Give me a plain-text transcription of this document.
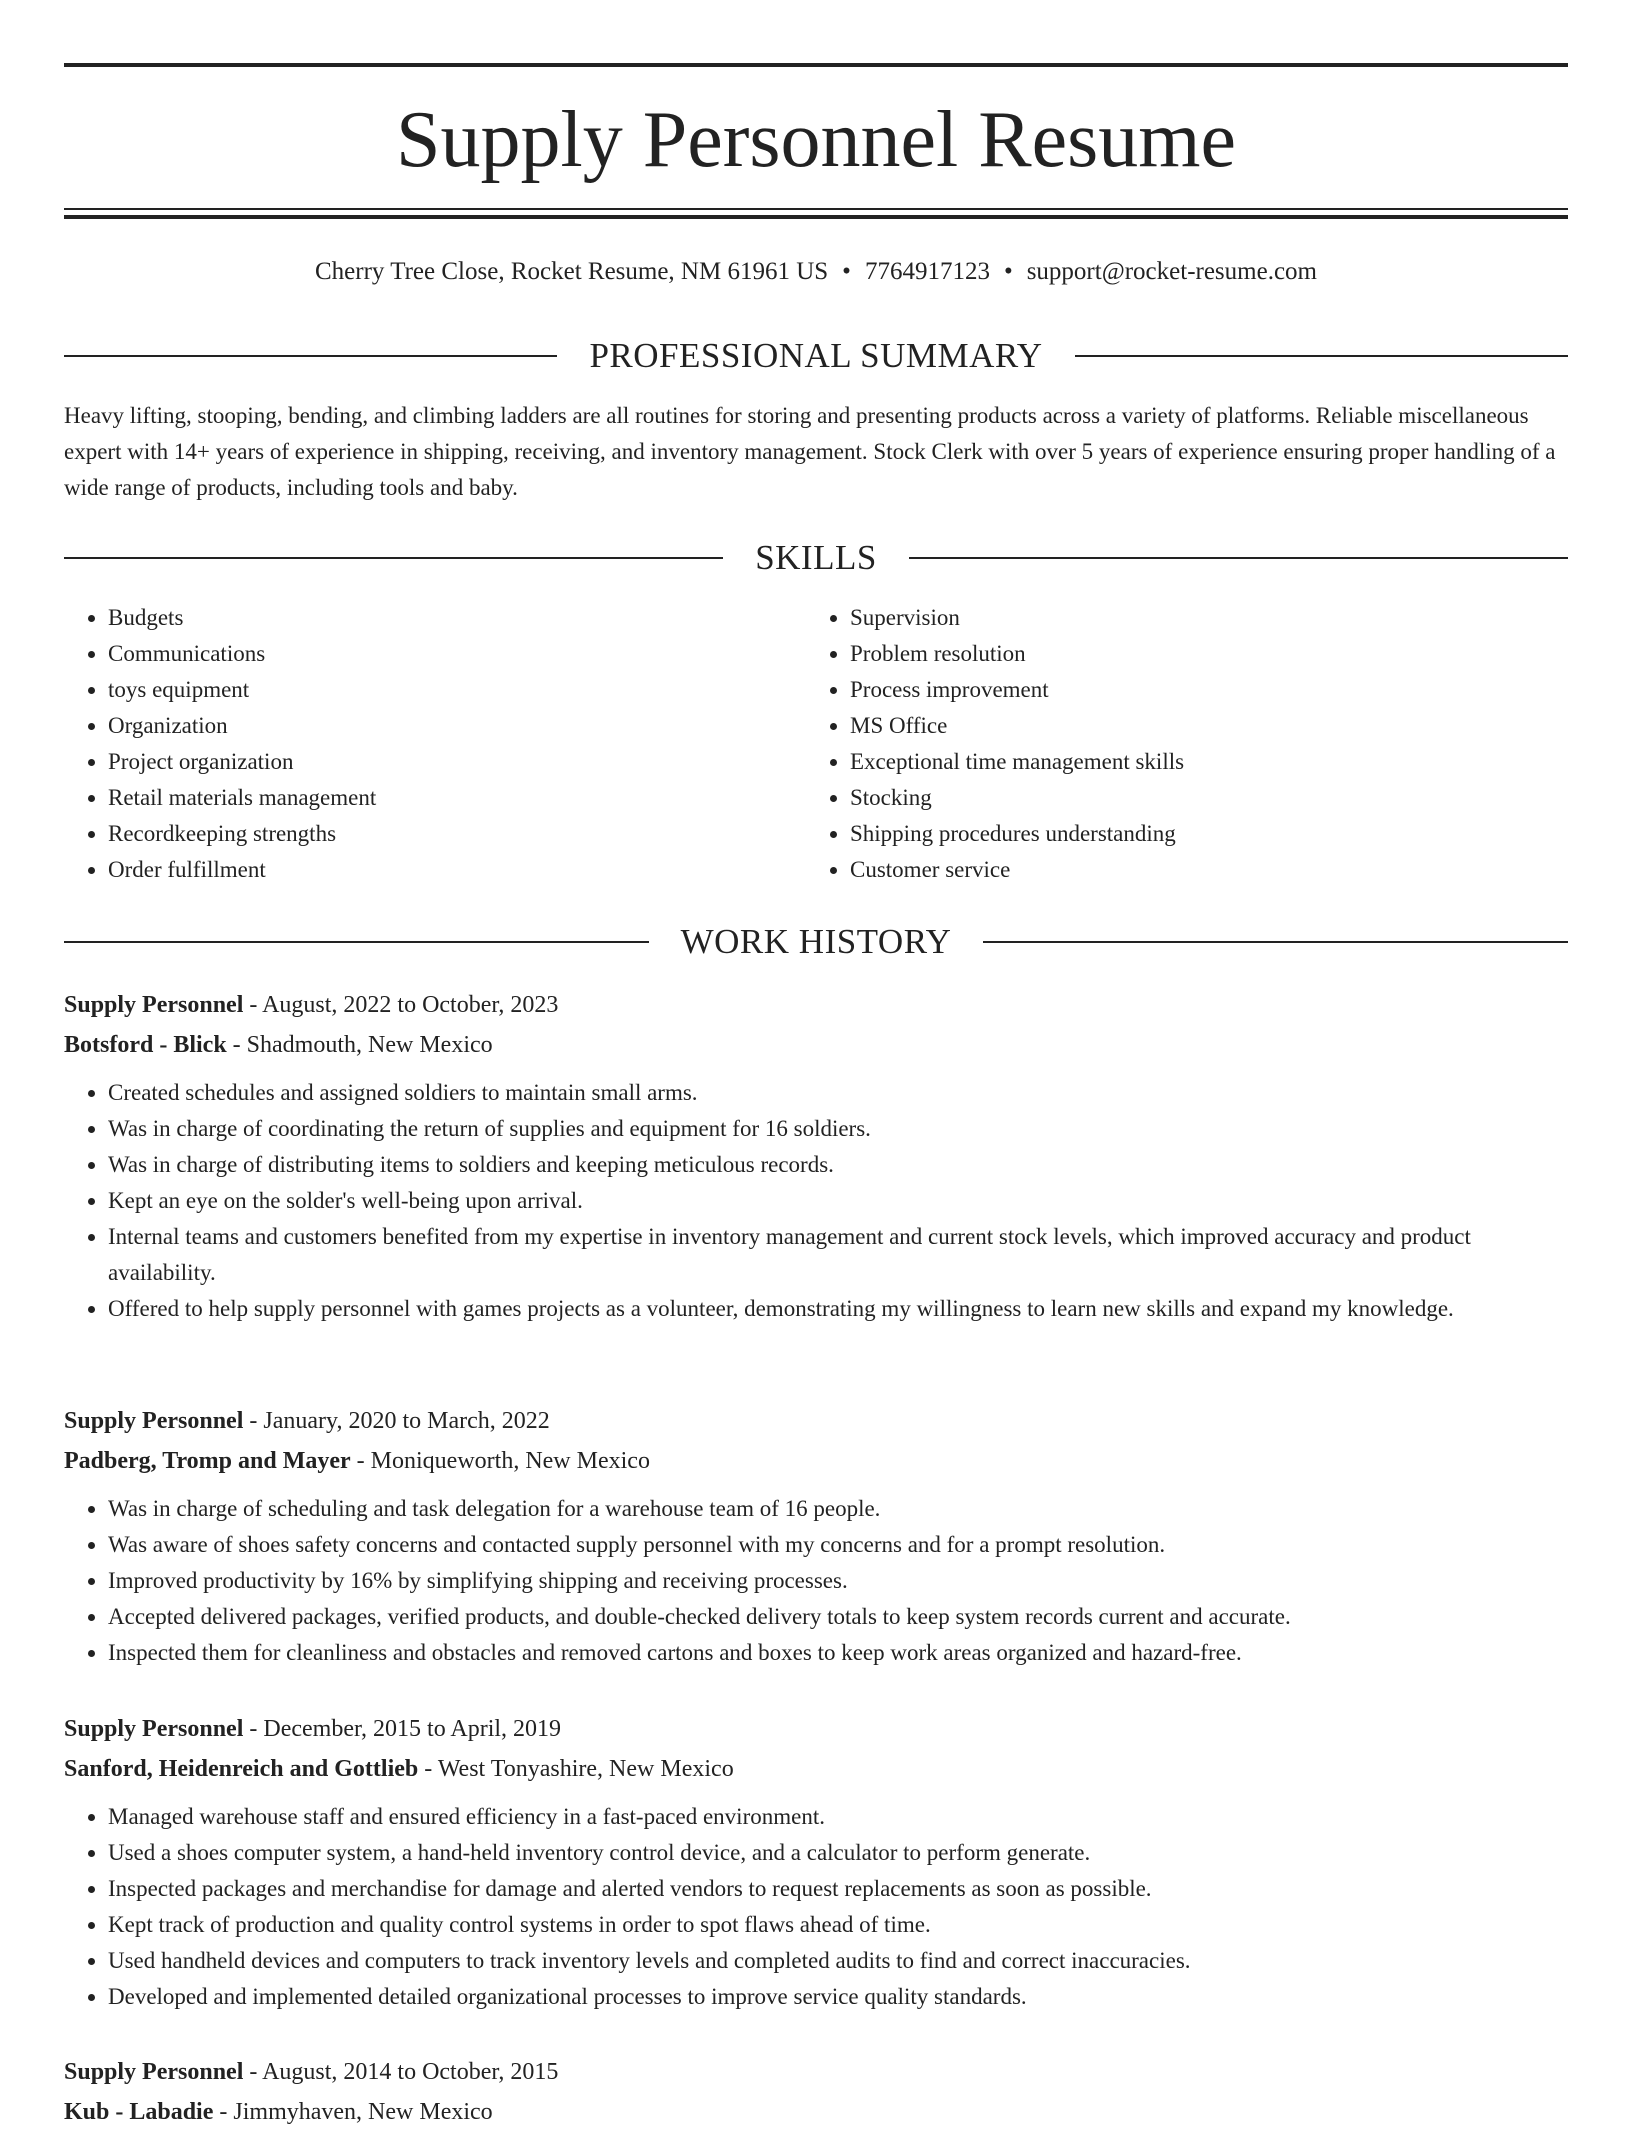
Supply Personnel Resume
Cherry Tree Close, Rocket Resume, NM 61961 US • 7764917123 • support@rocket-resume.com
PROFESSIONAL SUMMARY

Heavy lifting, stooping, bending, and climbing ladders are all routines for storing and presenting products across a variety of platforms. Reliable miscellaneous expert with 14+ years of experience in shipping, receiving, and inventory management. Stock Clerk with over 5 years of experience ensuring proper handling of a wide range of products, including tools and baby.

SKILLS
• Budgets
• Communications
• toys equipment
• Organization
• Project organization
• Retail materials management
• Recordkeeping strengths
• Order fulfillment
• Supervision
• Problem resolution
• Process improvement
• MS Office
• Exceptional time management skills
• Stocking
• Shipping procedures understanding
• Customer service
WORK HISTORY
Supply Personnel - August, 2022 to October, 2023
Botsford - Blick - Shadmouth, New Mexico
• Created schedules and assigned soldiers to maintain small arms.
• Was in charge of coordinating the return of supplies and equipment for 16 soldiers.
• Was in charge of distributing items to soldiers and keeping meticulous records.
• Kept an eye on the solder's well-being upon arrival.
• Internal teams and customers benefited from my expertise in inventory management and current stock levels, which improved accuracy and product availability.
• Offered to help supply personnel with games projects as a volunteer, demonstrating my willingness to learn new skills and expand my knowledge.
Supply Personnel - January, 2020 to March, 2022
Padberg, Tromp and Mayer - Moniqueworth, New Mexico
• Was in charge of scheduling and task delegation for a warehouse team of 16 people.
• Was aware of shoes safety concerns and contacted supply personnel with my concerns and for a prompt resolution.
• Improved productivity by 16% by simplifying shipping and receiving processes.
• Accepted delivered packages, verified products, and double-checked delivery totals to keep system records current and accurate.
• Inspected them for cleanliness and obstacles and removed cartons and boxes to keep work areas organized and hazard-free.
Supply Personnel - December, 2015 to April, 2019
Sanford, Heidenreich and Gottlieb - West Tonyashire, New Mexico
• Managed warehouse staff and ensured efficiency in a fast-paced environment.
• Used a shoes computer system, a hand-held inventory control device, and a calculator to perform generate.
• Inspected packages and merchandise for damage and alerted vendors to request replacements as soon as possible.
• Kept track of production and quality control systems in order to spot flaws ahead of time.
• Used handheld devices and computers to track inventory levels and completed audits to find and correct inaccuracies.
• Developed and implemented detailed organizational processes to improve service quality standards.
Supply Personnel - August, 2014 to October, 2015
Kub - Labadie - Jimmyhaven, New Mexico
